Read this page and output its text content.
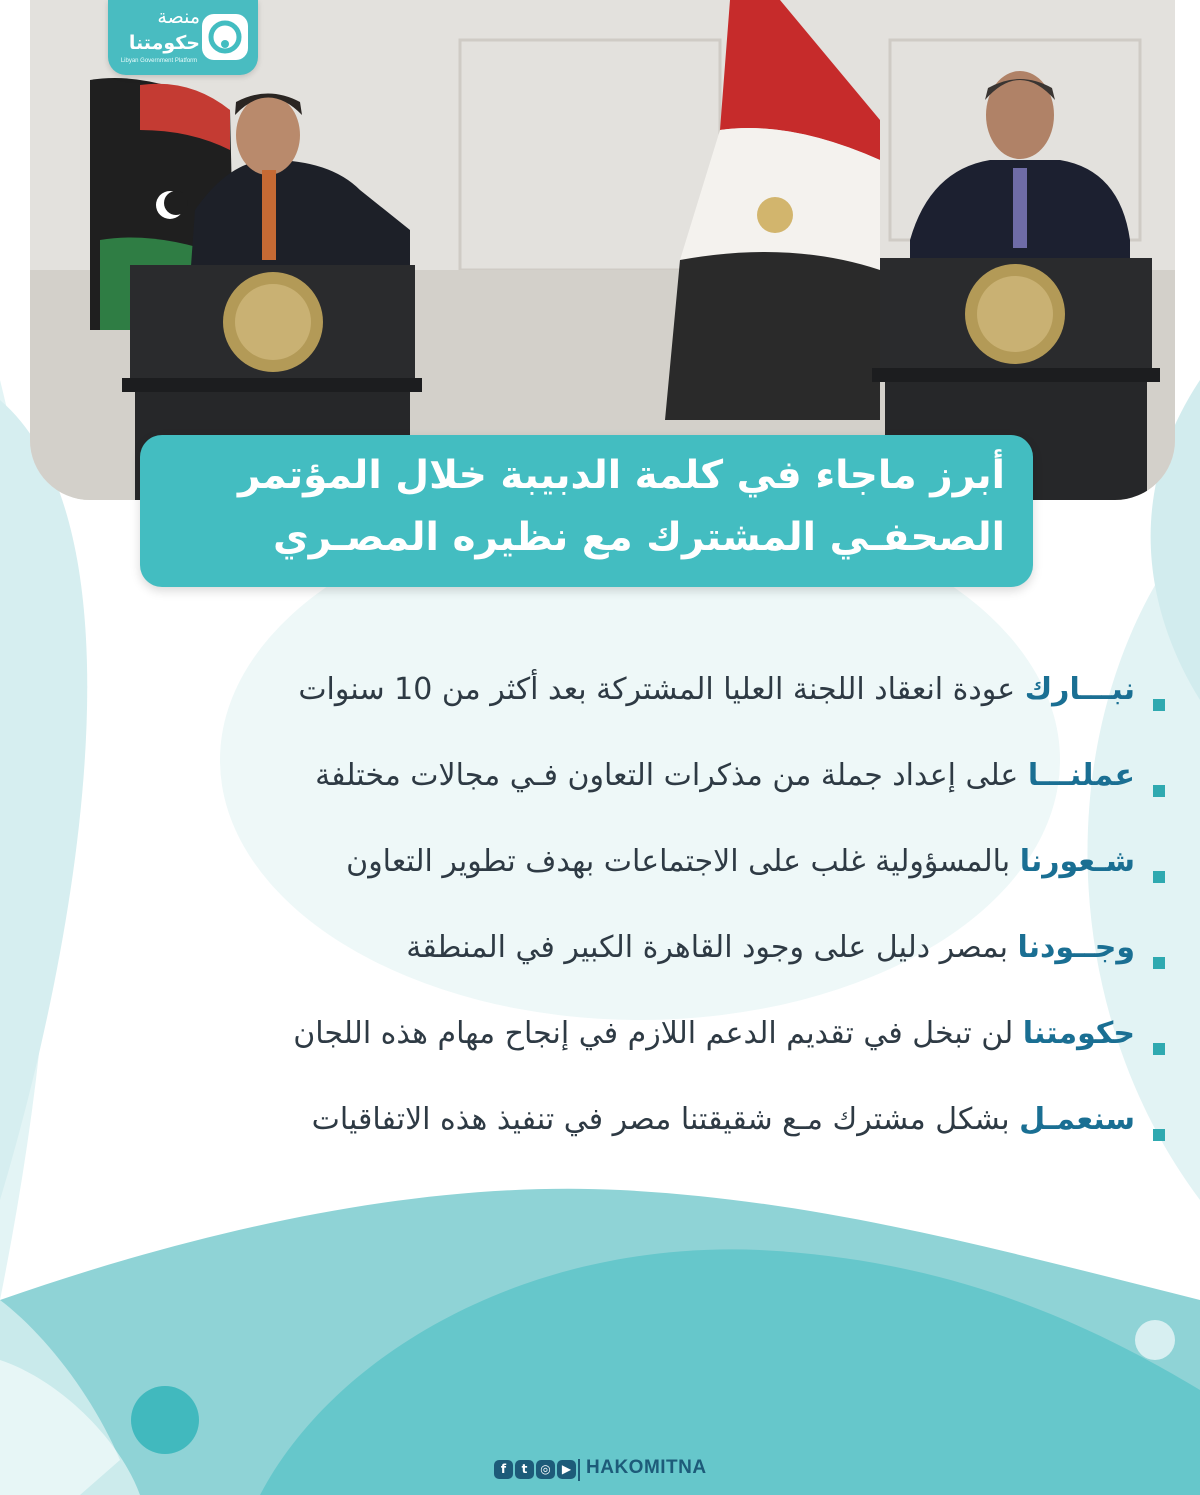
منصة
حكومتنا
Libyan Government Platform
أبرز ماجاء في كلمة الدبيبة خلال المؤتمر
الصحفـي المشترك مع نظيره المصـري
نبـــارك عودة انعقاد اللجنة العليا المشتركة بعد أكثر من 10 سنوات
عملنـــا على إعداد جملة من مذكرات التعاون فـي مجالات مختلفة
شـعورنا بالمسؤولية غلب على الاجتماعات بهدف تطوير التعاون
وجــودنا بمصر دليل على وجود القاهرة الكبير في المنطقة
حكومتنا لن تبخل في تقديم الدعم اللازم في إنجاح مهام هذه اللجان
سنعمـل بشكل مشترك مـع شقيقتنا مصر في تنفيذ هذه الاتفاقيات
f t ◎ ▶ HAKOMITNA
